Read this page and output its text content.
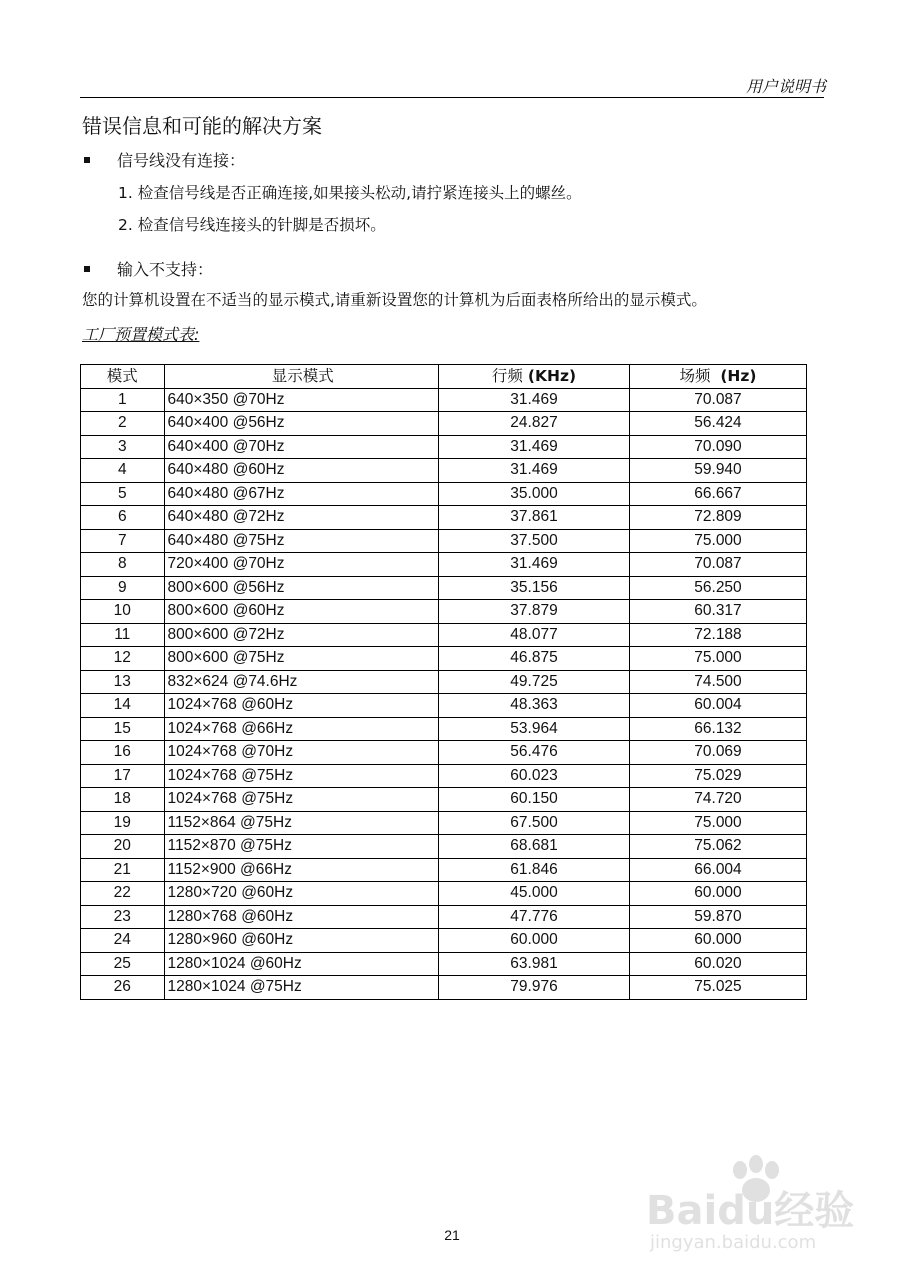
用户说明书
错误信息和可能的解决方案
信号线没有连接：
1. 检查信号线是否正确连接,如果接头松动,请拧紧连接头上的螺丝。
2. 检查信号线连接头的针脚是否损坏。
输入不支持：
您的计算机设置在不适当的显示模式,请重新设置您的计算机为后面表格所给出的显示模式。
工厂预置模式表:
模式	显示模式	行频 (KHz)	场频 (Hz)
1	640×350 @70Hz	31.469	70.087
2	640×400 @56Hz	24.827	56.424
3	640×400 @70Hz	31.469	70.090
4	640×480 @60Hz	31.469	59.940
5	640×480 @67Hz	35.000	66.667
6	640×480 @72Hz	37.861	72.809
7	640×480 @75Hz	37.500	75.000
8	720×400 @70Hz	31.469	70.087
9	800×600 @56Hz	35.156	56.250
10	800×600 @60Hz	37.879	60.317
11	800×600 @72Hz	48.077	72.188
12	800×600 @75Hz	46.875	75.000
13	832×624 @74.6Hz	49.725	74.500
14	1024×768 @60Hz	48.363	60.004
15	1024×768 @66Hz	53.964	66.132
16	1024×768 @70Hz	56.476	70.069
17	1024×768 @75Hz	60.023	75.029
18	1024×768 @75Hz	60.150	74.720
19	1152×864 @75Hz	67.500	75.000
20	1152×870 @75Hz	68.681	75.062
21	1152×900 @66Hz	61.846	66.004
22	1280×720 @60Hz	45.000	60.000
23	1280×768 @60Hz	47.776	59.870
24	1280×960 @60Hz	60.000	60.000
25	1280×1024 @60Hz	63.981	60.020
26	1280×1024 @75Hz	79.976	75.025
21
Baidu经验
jingyan.baidu.com
